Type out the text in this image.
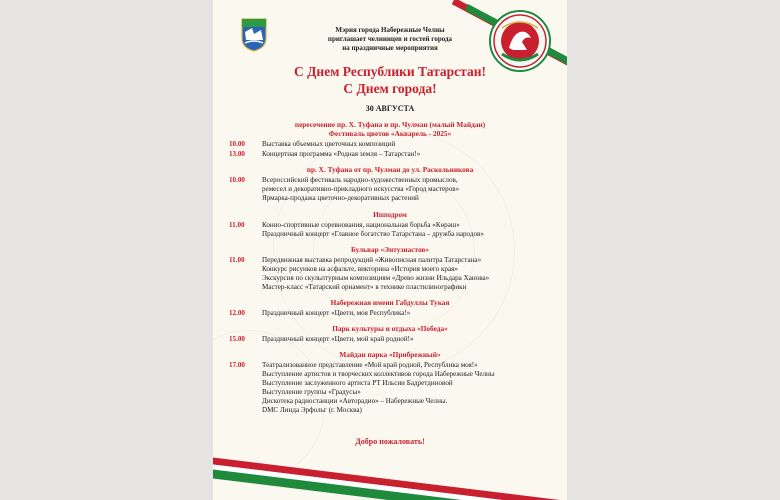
Мэрия города Набережные Челны
приглашает челнинцев и гостей города
на праздничные мероприятия
С Днем Республики Татарстан!
С Днем города!
30 АВГУСТА
пересечение пр. Х. Туфана и пр. Чулман (малый Майдан)
Фестиваль цветов «Акварель - 2025»
10.00	Выставка объемных цветочных композиций
13.00	Концертная программа «Родная земля – Татарстан!»
пр. Х. Туфана от пр. Чулман до ул. Раскольникова
10.00	Всероссийский фестиваль народно-художественных промыслов,
ремесел и декоративно-прикладного искусства «Город мастеров»
Ярмарка-продажа цветочно-декоративных растений
Ипподром
11.00	Конно-спортивные соревнования, национальная борьба «Көрәш»
Праздничный концерт «Главное богатство Татарстана – дружба народов»
Бульвар «Энтузиастов»
11.00	Передвижная выставка репродукций «Живописная палитра Татарстана»
Конкурс рисунков на асфальте, викторина «История моего края»
Экскурсия по скульптурным композициям «Древо жизни Ильдара Ханова»
Мастер-класс «Татарский орнамент» в технике пластилинографики
Набережная имени Габдуллы Тукая
12.00	Праздничный концерт «Цвети, моя Республика!»
Парк культуры и отдыха «Победа»
15.00	Праздничный концерт «Цвети, мой край родной!»
Майдан парка «Прибрежный»
17.00	Театрализованное представление «Мой край родной, Республика моя!»
Выступление артистов и творческих коллективов города Набережные Челны
Выступление заслуженного артиста РТ Ильсии Бадретдиновой
Выступление группы «Градусы»
Дискотека радиостанции «Авторадио» – Набережные Челны.
DMC Линда Эрфольг (г. Москва)
Добро пожаловать!
